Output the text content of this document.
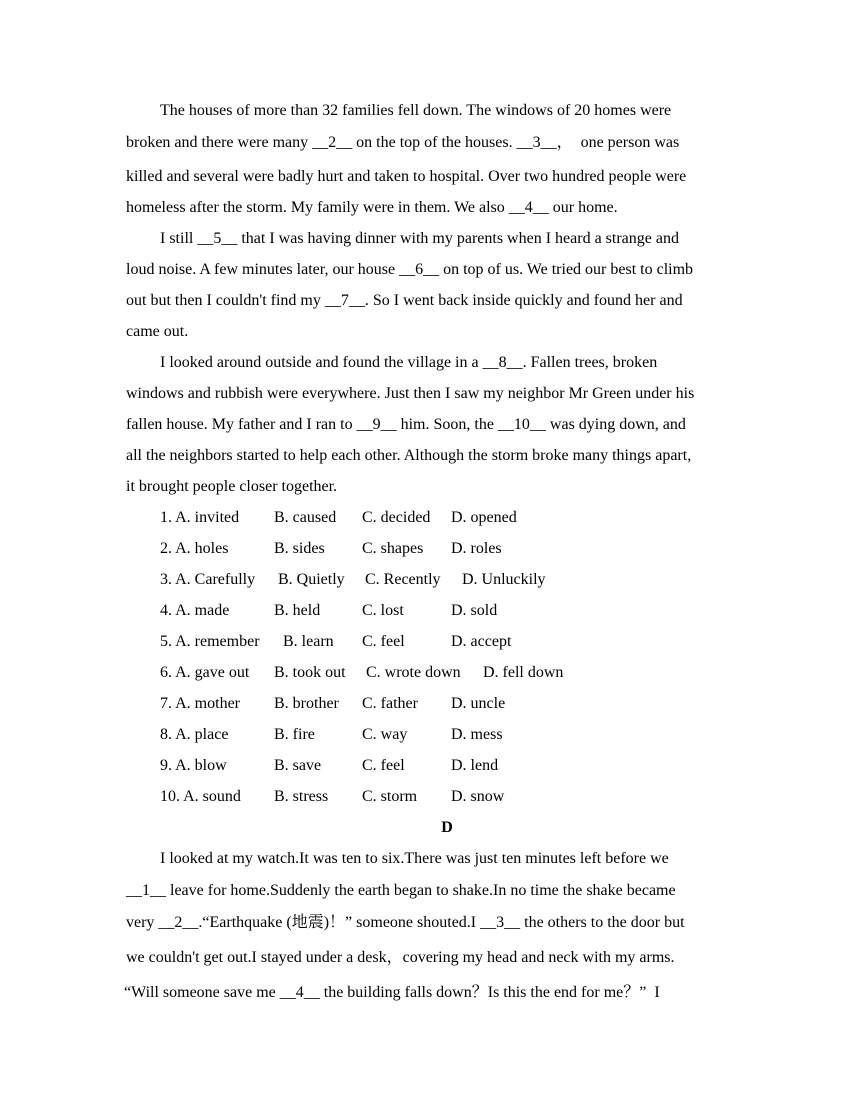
The houses of more than 32 families fell down. The windows of 20 homes were
broken and there were many __2__ on the top of the houses. __3__，  one person was
killed and several were badly hurt and taken to hospital. Over two hundred people were
homeless after the storm. My family were in them. We also __4__ our home.
I still __5__ that I was having dinner with my parents when I heard a strange and
loud noise. A few minutes later, our house __6__ on top of us. We tried our best to climb
out but then I couldn't find my __7__. So I went back inside quickly and found her and
came out.
I looked around outside and found the village in a __8__. Fallen trees, broken
windows and rubbish were everywhere. Just then I saw my neighbor Mr Green under his
fallen house. My father and I ran to __9__ him. Soon, the __10__ was dying down, and
all the neighbors started to help each other. Although the storm broke many things apart,
it brought people closer together.
1. A. invited B. caused C. decided D. opened
2. A. holes	B. sides C. shapes D. roles
3. A. Carefully B. Quietly C. Recently D. Unluckily
4. A. made	B. held	C. lost	D. sold
5. A. remember B. learn C. feel	D. accept
6. A. gave out B. took out C. wrote down D. fell down
7. A. mother B. brother C. father D. uncle
8. A. place	B. fire	C. way	D. mess
9. A. blow	B. save	C. feel	D. lend
10. A. sound B. stress C. storm D. snow
D
I looked at my watch.It was ten to six.There was just ten minutes left before we
__1__ leave for home.Suddenly the earth began to shake.In no time the shake became
very __2__.“Earthquake (地震)！” someone shouted.I __3__ the others to the door but
we couldn't get out.I stayed under a desk，covering my head and neck with my arms.
“Will someone save me __4__ the building falls down？Is this the end for me？”  I
